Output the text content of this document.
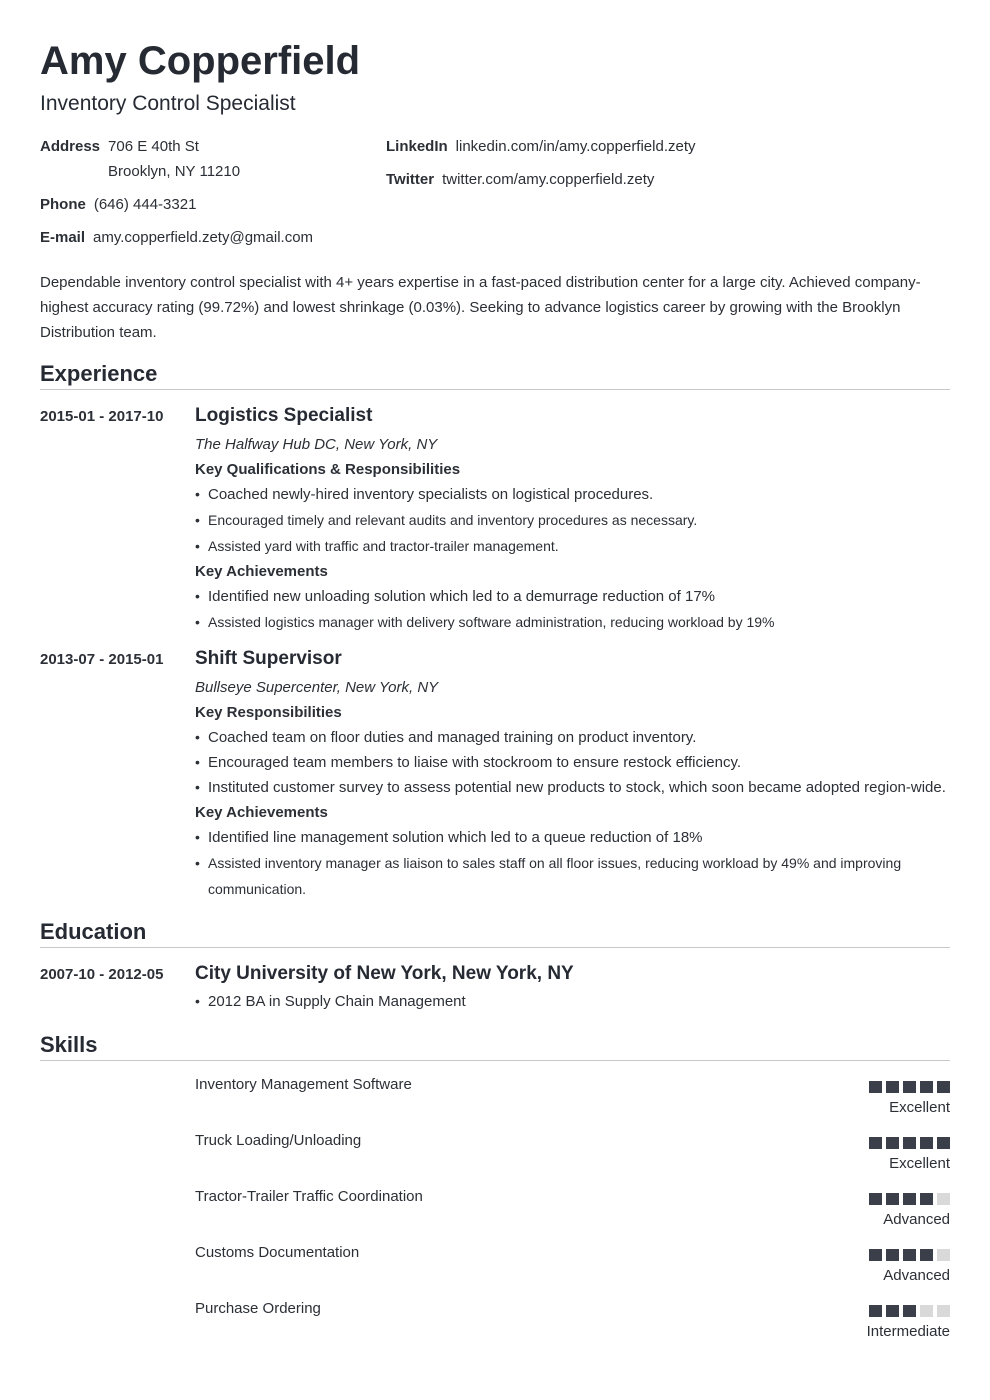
Amy Copperfield
Inventory Control Specialist
Address 706 E 40th St
Brooklyn, NY 11210
Phone (646) 444-3321
E-mail amy.copperfield.zety@gmail.com
LinkedIn linkedin.com/in/amy.copperfield.zety
Twitter twitter.com/amy.copperfield.zety
Dependable inventory control specialist with 4+ years expertise in a fast-paced distribution center for a large city. Achieved company-highest accuracy rating (99.72%) and lowest shrinkage (0.03%). Seeking to advance logistics career by growing with the Brooklyn Distribution team.
Experience
2015-01 - 2017-10 Logistics Specialist
The Halfway Hub DC, New York, NY
Key Qualifications & Responsibilities
• Coached newly-hired inventory specialists on logistical procedures.
• Encouraged timely and relevant audits and inventory procedures as necessary.
• Assisted yard with traffic and tractor-trailer management.
Key Achievements
• Identified new unloading solution which led to a demurrage reduction of 17%
• Assisted logistics manager with delivery software administration, reducing workload by 19%
2013-07 - 2015-01 Shift Supervisor
Bullseye Supercenter, New York, NY
Key Responsibilities
• Coached team on floor duties and managed training on product inventory.
• Encouraged team members to liaise with stockroom to ensure restock efficiency.
• Instituted customer survey to assess potential new products to stock, which soon became adopted region-wide.
Key Achievements
• Identified line management solution which led to a queue reduction of 18%
• Assisted inventory manager as liaison to sales staff on all floor issues, reducing workload by 49% and improving communication.
Education
2007-10 - 2012-05 City University of New York, New York, NY
• 2012 BA in Supply Chain Management
Skills
Inventory Management Software
Excellent
Truck Loading/Unloading
Excellent
Tractor-Trailer Traffic Coordination
Advanced
Customs Documentation
Advanced
Purchase Ordering
Intermediate
